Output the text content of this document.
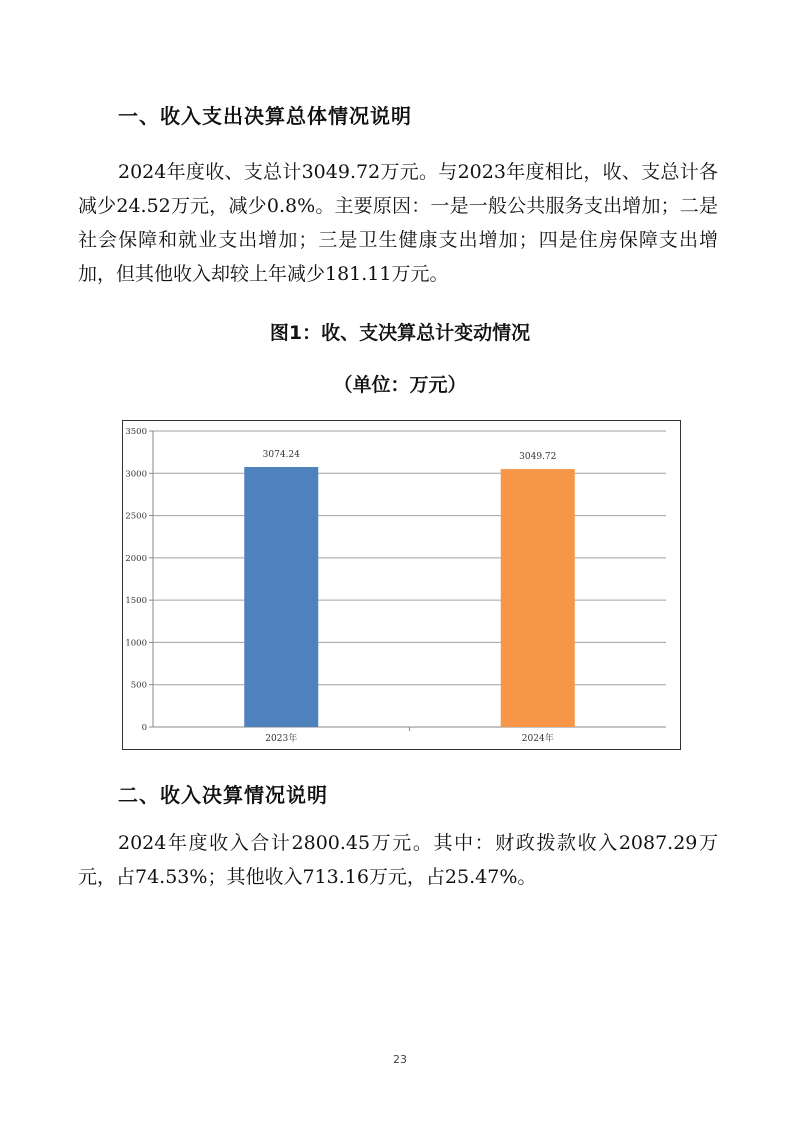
一、收入支出决算总体情况说明
2024年度收、支总计3049.72万元。与2023年度相比，收、支总计各减少24.52万元，减少0.8%。主要原因：一是一般公共服务支出增加；二是社会保障和就业支出增加；三是卫生健康支出增加；四是住房保障支出增加，但其他收入却较上年减少181.11万元。
图1：收、支决算总计变动情况
（单位：万元）
0
500
1000
1500
2000
2500
3000
3500
3074.24
2023年
3049.72
2024年
二、收入决算情况说明
2024年度收入合计2800.45万元。其中：财政拨款收入2087.29万元，占74.53%；其他收入713.16万元，占25.47%。
23
